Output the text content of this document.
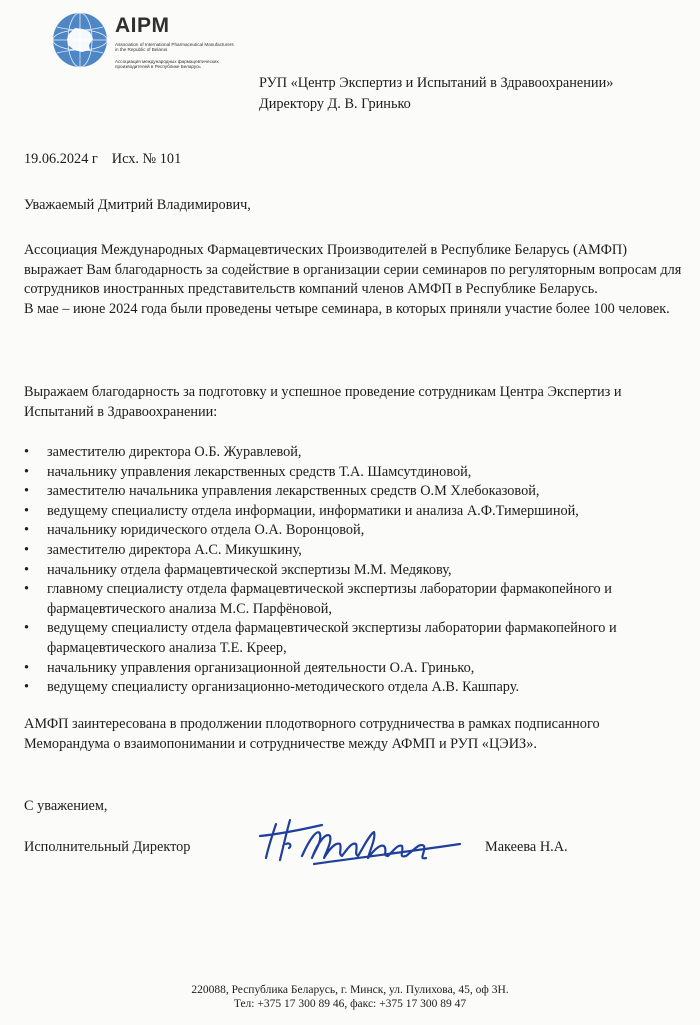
AIPM
Association of International Pharmaceutical Manufacturers in the Republic of Belarus
Ассоциация международных фармацевтических производителей в Республике Беларусь
РУП «Центр Экспертиз и Испытаний в Здравоохранении»
Директору Д. В. Гринько
19.06.2024 г Исх. № 101
Уважаемый Дмитрий Владимирович,
Ассоциация Международных Фармацевтических Производителей в Республике Беларусь (АМФП) выражает Вам благодарность за содействие в организации серии семинаров по регуляторным вопросам для сотрудников иностранных представительств компаний членов АМФП в Республике Беларусь.
В мае – июне 2024 года были проведены четыре семинара, в которых приняли участие более 100 человек.
Выражаем благодарность за подготовку и успешное проведение сотрудникам Центра Экспертиз и Испытаний в Здравоохранении:
• заместителю директора О.Б. Журавлевой,
• начальнику управления лекарственных средств Т.А. Шамсутдиновой,
• заместителю начальника управления лекарственных средств О.М Хлебоказовой,
• ведущему специалисту отдела информации, информатики и анализа А.Ф.Тимершиной,
• начальнику юридического отдела О.А. Воронцовой,
• заместителю директора А.С. Микушкину,
• начальнику отдела фармацевтической экспертизы М.М. Медякову,
• главному специалисту отдела фармацевтической экспертизы лаборатории фармакопейного и фармацевтического анализа М.С. Парфёновой,
• ведущему специалисту отдела фармацевтической экспертизы лаборатории фармакопейного и фармацевтического анализа Т.Е. Креер,
• начальнику управления организационной деятельности О.А. Гринько,
• ведущему специалисту организационно-методического отдела А.В. Кашпару.
АМФП заинтересована в продолжении плодотворного сотрудничества в рамках подписанного Меморандума о взаимопонимании и сотрудничестве между АФМП и РУП «ЦЭИЗ».
С уважением,
Исполнительный Директор	Макеева Н.А.
220088, Республика Беларусь, г. Минск, ул. Пулихова, 45, оф 3Н.
Тел: +375 17 300 89 46, факс: +375 17 300 89 47
